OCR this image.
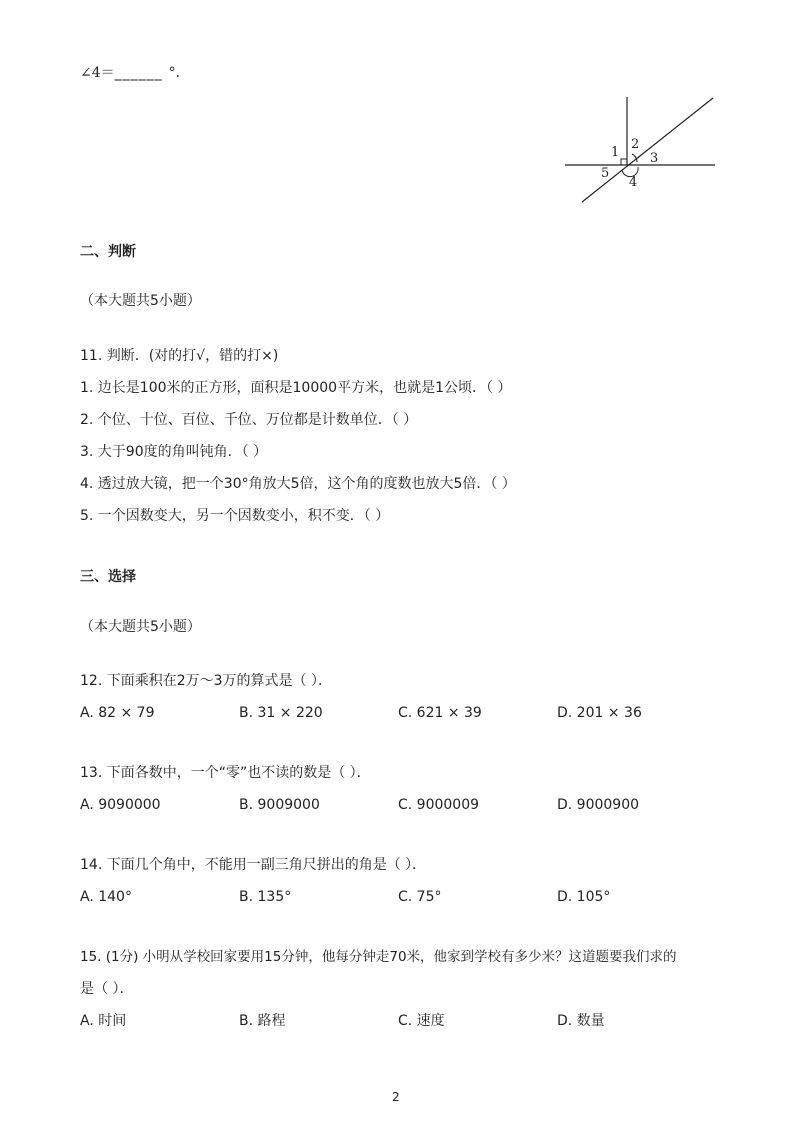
∠4＝______ °．
1
2
3
4
5
二、判断
（本大题共5小题）
11. 判断．(对的打√，错的打×)
1. 边长是100米的正方形，面积是10000平方米，也就是1公顷．（ ）
2. 个位、十位、百位、千位、万位都是计数单位．（ ）
3. 大于90度的角叫钝角．（ ）
4. 透过放大镜，把一个30°角放大5倍，这个角的度数也放大5倍．（ ）
5. 一个因数变大，另一个因数变小，积不变．（ ）
三、选择
（本大题共5小题）
12. 下面乘积在2万～3万的算式是（ ）．
A. 82 × 79	B. 31 × 220	C. 621 × 39	D. 201 × 36
13. 下面各数中，一个“零”也不读的数是（ ）．
A. 9090000	B. 9009000	C. 9000009	D. 9000900
14. 下面几个角中，不能用一副三角尺拼出的角是（ ）．
A. 140°	B. 135°	C. 75°	D. 105°
15. (1分) 小明从学校回家要用15分钟，他每分钟走70米，他家到学校有多少米？这道题要我们求的
是（ ）．
A. 时间	B. 路程	C. 速度	D. 数量
2
